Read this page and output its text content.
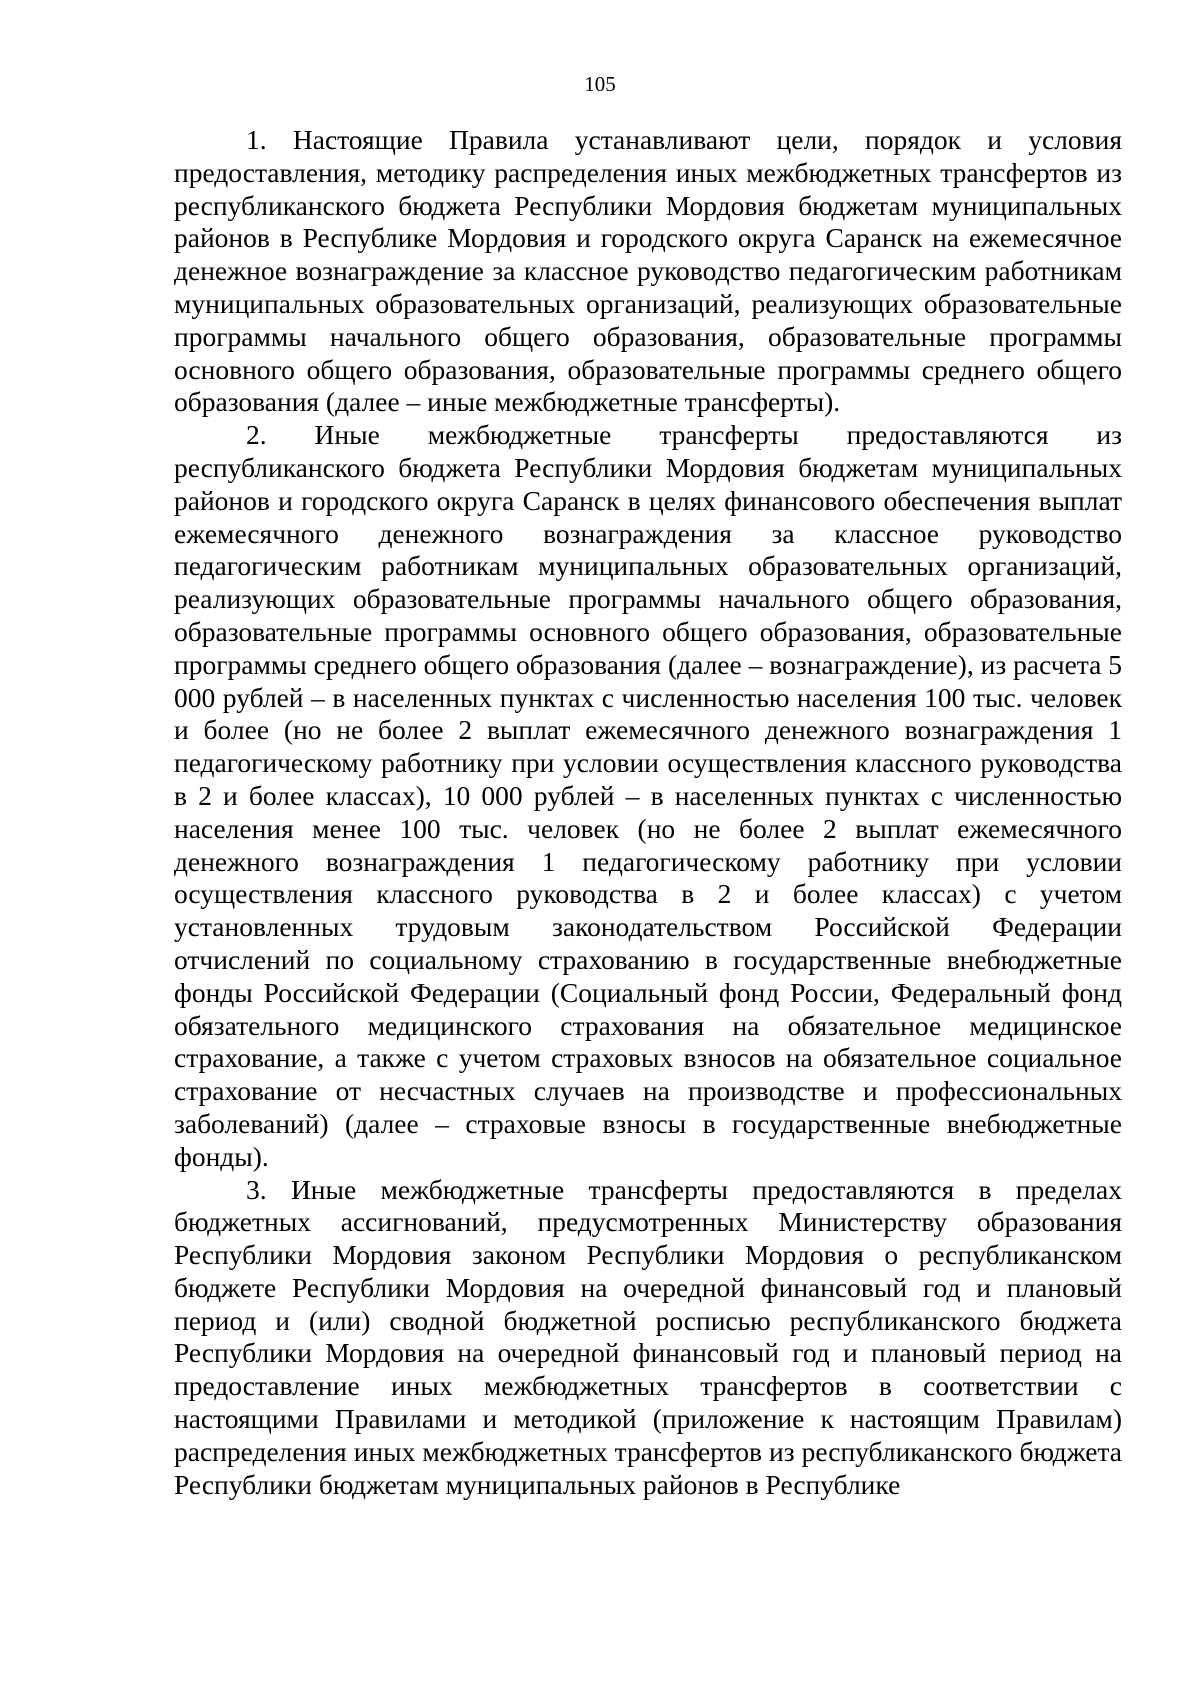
105

1. Настоящие Правила устанавливают цели, порядок и условия предоставления, методику распределения иных межбюджетных трансфертов из республиканского бюджета Республики Мордовия бюджетам муниципальных районов в Республике Мордовия и городского округа Саранск на ежемесячное денежное вознаграждение за классное руководство педагогическим работникам муниципальных образовательных организаций, реализующих образовательные программы начального общего образования, образовательные программы основного общего образования, образовательные программы среднего общего образования (далее – иные межбюджетные трансферты).

2. Иные межбюджетные трансферты предоставляются из республиканского бюджета Республики Мордовия бюджетам муниципальных районов и городского округа Саранск в целях финансового обеспечения выплат ежемесячного денежного вознаграждения за классное руководство педагогическим работникам муниципальных образовательных организаций, реализующих образовательные программы начального общего образования, образовательные программы основного общего образования, образовательные программы среднего общего образования (далее – вознаграждение), из расчета 5 000 рублей – в населенных пунктах с численностью населения 100 тыс. человек и более (но не более 2 выплат ежемесячного денежного вознаграждения 1 педагогическому работнику при условии осуществления классного руководства в 2 и более классах), 10 000 рублей – в населенных пунктах с численностью населения менее 100 тыс. человек (но не более 2 выплат ежемесячного денежного вознаграждения 1 педагогическому работнику при условии осуществления классного руководства в 2 и более классах) с учетом установленных трудовым законодательством Российской Федерации отчислений по социальному страхованию в государственные внебюджетные фонды Российской Федерации (Социальный фонд России, Федеральный фонд обязательного медицинского страхования на обязательное медицинское страхование, а также с учетом страховых взносов на обязательное социальное страхование от несчастных случаев на производстве и профессиональных заболеваний) (далее – страховые взносы в государственные внебюджетные фонды).

3. Иные межбюджетные трансферты предоставляются в пределах бюджетных ассигнований, предусмотренных Министерству образования Республики Мордовия законом Республики Мордовия о республиканском бюджете Республики Мордовия на очередной финансовый год и плановый период и (или) сводной бюджетной росписью республиканского бюджета Республики Мордовия на очередной финансовый год и плановый период на предоставление иных межбюджетных трансфертов в соответствии с настоящими Правилами и методикой (приложение к настоящим Правилам) распределения иных межбюджетных трансфертов из республиканского бюджета Республики бюджетам муниципальных районов в Республике
